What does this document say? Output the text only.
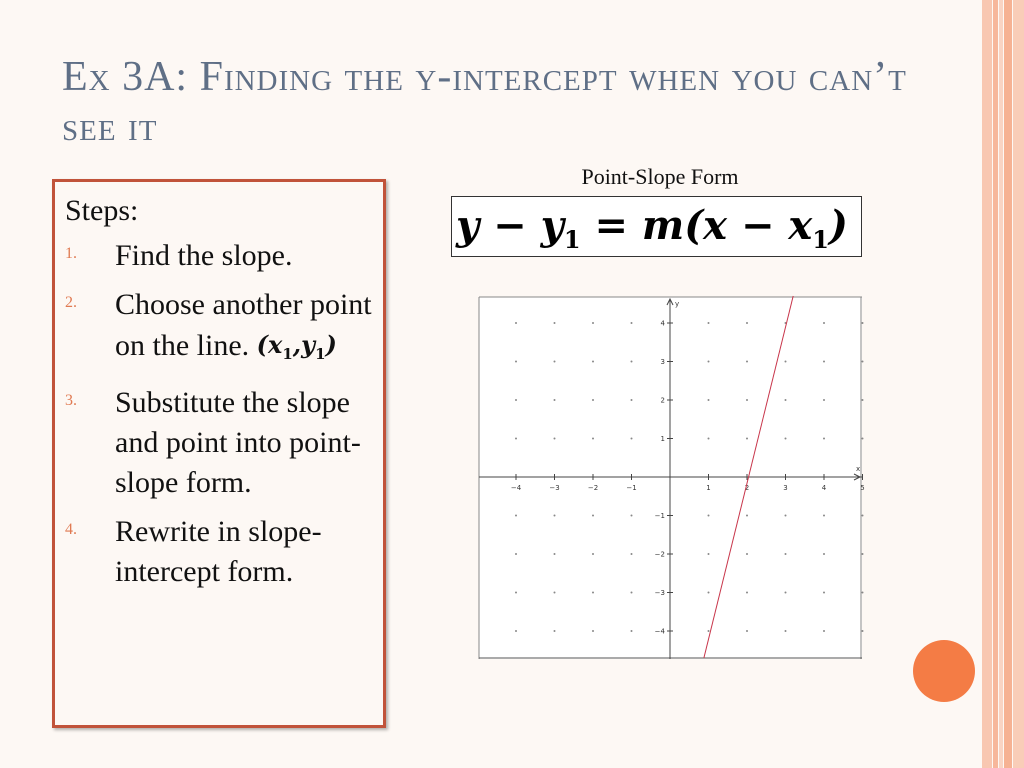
Ex 3A: Finding the y-intercept when you can’t see it
Steps:
1.	Find the slope.
2.	Choose another point on the line. $(x_1,y_1)$
3.	Substitute the slope and point into point-slope form.
4.	Rewrite in slope-intercept form.
Point-Slope Form
$y - y_1 = m(x - x_1)$
x
y
−4	−3	−2	−1	1	2	3	4	5
4
3
2
1
−1
−2
−3
−4
